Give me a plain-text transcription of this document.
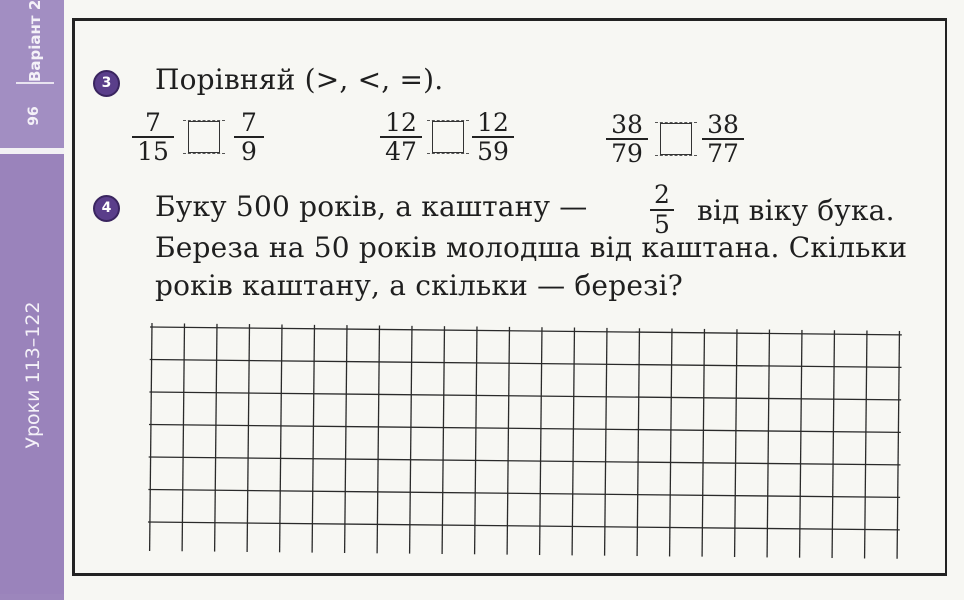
Варіант 2
96
Уроки 113–122
3	Порівняй (>, <, =).
$\frac{7}{15} \frac{7}{9}$	$\frac{12}{47} \frac{12}{59}$	$\frac{38}{79} \frac{38}{77}$
4	Буку 500 років, а каштану — $\frac{2}{5}$ від віку бука.
Береза на 50 років молодша від каштана. Скільки
років каштану, а скільки — березі?
